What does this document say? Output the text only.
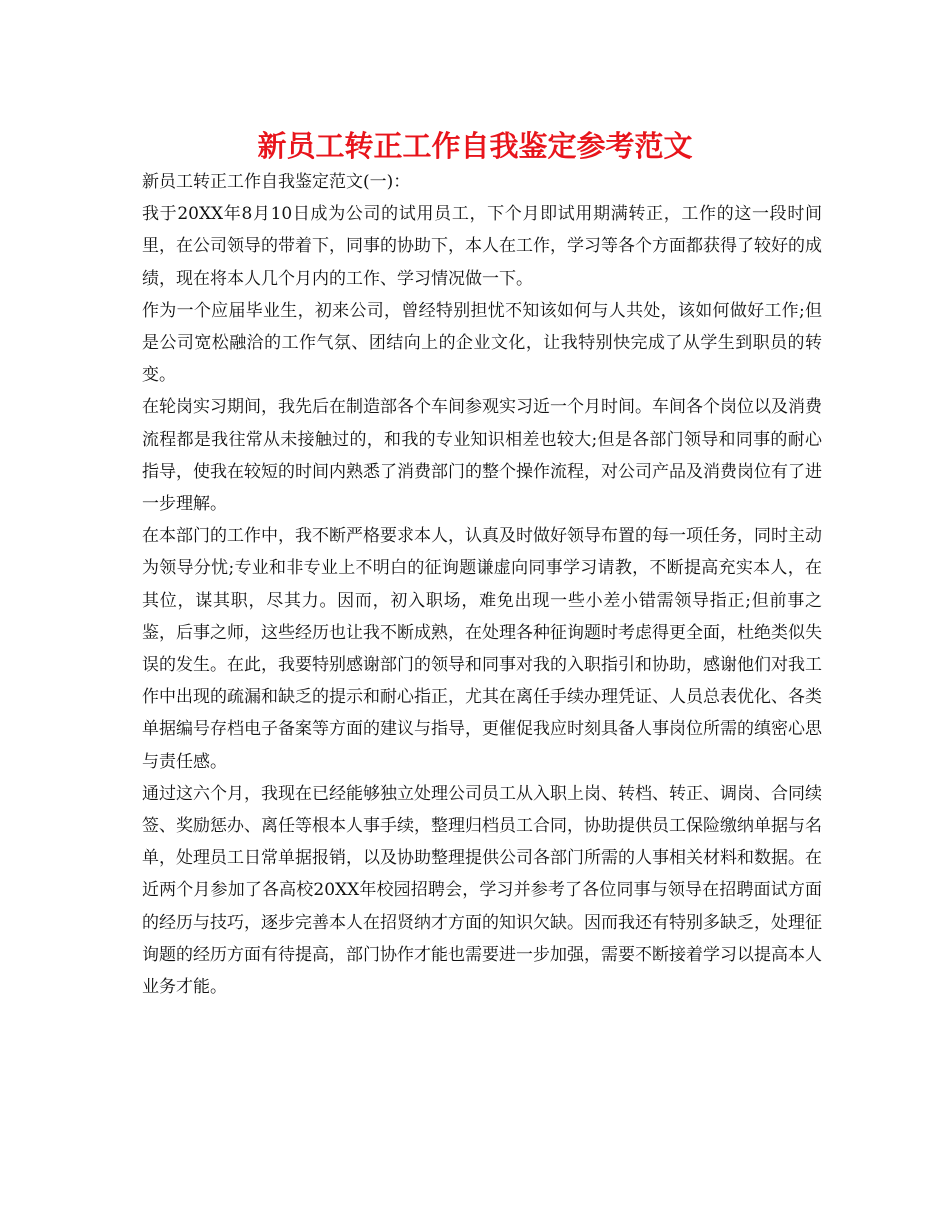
新员工转正工作自我鉴定参考范文

新员工转正工作自我鉴定范文(一)：

我于20XX年8月10日成为公司的试用员工，下个月即试用期满转正，工作的这一段时间里，在公司领导的带着下，同事的协助下，本人在工作，学习等各个方面都获得了较好的成绩，现在将本人几个月内的工作、学习情况做一下。

作为一个应届毕业生，初来公司，曾经特别担忧不知该如何与人共处，该如何做好工作;但是公司宽松融洽的工作气氛、团结向上的企业文化，让我特别快完成了从学生到职员的转变。

在轮岗实习期间，我先后在制造部各个车间参观实习近一个月时间。车间各个岗位以及消费流程都是我往常从未接触过的，和我的专业知识相差也较大;但是各部门领导和同事的耐心指导，使我在较短的时间内熟悉了消费部门的整个操作流程，对公司产品及消费岗位有了进一步理解。

在本部门的工作中，我不断严格要求本人，认真及时做好领导布置的每一项任务，同时主动为领导分忧;专业和非专业上不明白的征询题谦虚向同事学习请教，不断提高充实本人，在其位，谋其职，尽其力。因而，初入职场，难免出现一些小差小错需领导指正;但前事之鉴，后事之师，这些经历也让我不断成熟，在处理各种征询题时考虑得更全面，杜绝类似失误的发生。在此，我要特别感谢部门的领导和同事对我的入职指引和协助，感谢他们对我工作中出现的疏漏和缺乏的提示和耐心指正，尤其在离任手续办理凭证、人员总表优化、各类单据编号存档电子备案等方面的建议与指导，更催促我应时刻具备人事岗位所需的缜密心思与责任感。

通过这六个月，我现在已经能够独立处理公司员工从入职上岗、转档、转正、调岗、合同续签、奖励惩办、离任等根本人事手续，整理归档员工合同，协助提供员工保险缴纳单据与名单，处理员工日常单据报销，以及协助整理提供公司各部门所需的人事相关材料和数据。在近两个月参加了各高校20XX年校园招聘会，学习并参考了各位同事与领导在招聘面试方面的经历与技巧，逐步完善本人在招贤纳才方面的知识欠缺。因而我还有特别多缺乏，处理征询题的经历方面有待提高，部门协作才能也需要进一步加强，需要不断接着学习以提高本人业务才能。
